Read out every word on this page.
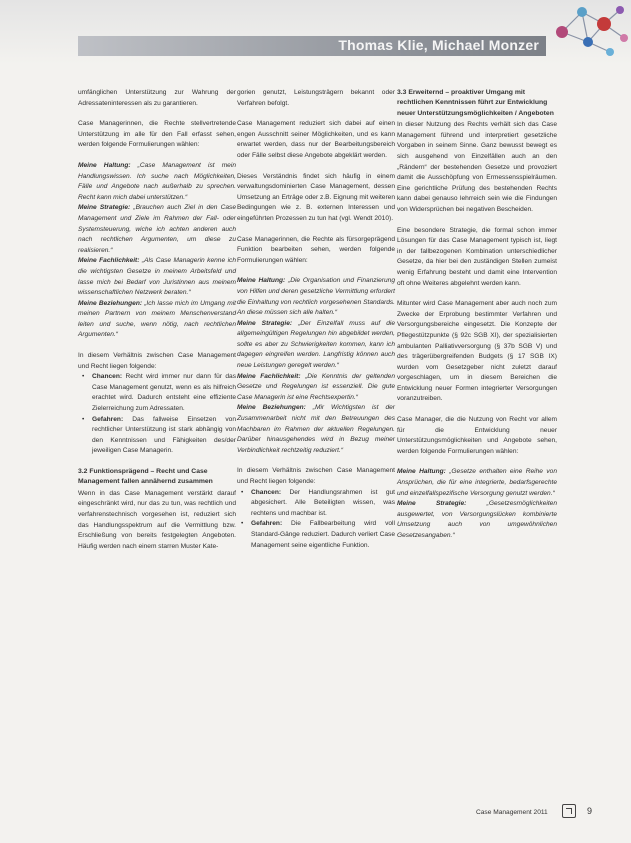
Thomas Klie, Michael Monzer

umfänglichen Unterstützung zur Wahrung der Adressateninteressen als zu garantieren.

Case Managerinnen, die Rechte stellvertretende Unterstützung im alle für den Fall erfasst sehen, werden folgende Formulierungen wählen:

Meine Haltung: „Case Management ist mein Handlungswissen. Ich suche nach Möglichkeiten, Fälle und Angebote nach außerhalb zu sprechen. Recht kann mich dabei unterstützen.“

Meine Strategie: „Brauchen auch Ziel in den Case Management und Ziele im Rahmen der Fall- oder Systemsteuerung, wiche ich achten anderen auch nach rechtlichen Argumenten, um diese zu realisieren.“

Meine Fachlichkeit: „Als Case Managerin kenne ich die wichtigsten Gesetze in meinem Arbeitsfeld und lasse mich bei Bedarf von Juristinnen aus meinem wissenschaftlichen Netzwerk beraten.“

Meine Beziehungen: „Ich lasse mich im Umgang mit meinen Partnern von meinem Menschenverstand leiten und suche, wenn nötig, nach rechtlichen Argumenten.“

In diesem Verhältnis zwischen Case Management und Recht liegen folgende:

• Chancen: Recht wird immer nur dann für das Case Management genutzt, wenn es als hilfreich erachtet wird. Dadurch entsteht eine effiziente Zielerreichung zum Adressaten.
• Gefahren: Das fallweise Einsetzen von rechtlicher Unterstützung ist stark abhängig von den Kenntnissen und Fähigkeiten des/der jeweiligen Case Managerin.
3.2 Funktionsprägend – Recht und Case Management fallen annähernd zusammen

Wenn in das Case Management verstärkt darauf eingeschränkt wird, nur das zu tun, was rechtlich und verfahrenstechnisch vorgesehen ist, reduziert sich das Handlungsspektrum auf die Vermittlung bzw. Erschließung von bereits festgelegten Angeboten. Häufig werden nach einem starren Muster Kate-

gorien genutzt, Leistungsträgern bekannt oder Verfahren befolgt.

Case Management reduziert sich dabei auf einen engen Ausschnitt seiner Möglichkeiten, und es kann erwartet werden, dass nur der Bearbeitungsbereich oder Fälle selbst diese Angebote abgeklärt werden.

Dieses Verständnis findet sich häufig in einem verwaltungsdominierten Case Management, dessen Umsetzung an Erträge oder z.B. Eignung mit weiteren Bedingungen wie z. B. externen Interessen und eingeführten Prozessen zu tun hat (vgl. Wendt 2010).

Case Managerinnen, die Rechte als fürsorgeprägend Funktion bearbeiten sehen, werden folgende Formulierungen wählen:

Meine Haltung: „Die Organisation und Finanzierung von Hilfen und deren gesetzliche Vermittlung erfordert die Einhaltung von rechtlich vorgesehenen Standards. An diese müssen sich alle halten.“

Meine Strategie: „Der Einzelfall muss auf die allgemeingültigen Regelungen hin abgebildet werden, sollte es aber zu Schwierigkeiten kommen, kann ich dagegen eingreifen werden. Langfristig können auch neue Leistungen geregelt werden.“

Meine Fachlichkeit: „Die Kenntnis der geltenden Gesetze und Regelungen ist essenziell. Die gute Case Managerin ist eine Rechtsexpertin.“

Meine Beziehungen: „Mir Wichtigsten ist der Zusammenarbeit nicht mit den Betreuungen des Machbaren im Rahmen der aktuellen Regelungen. Darüber hinausgehendes wird in Bezug meiner Verbindlichkeit rechtzeitig reduziert.“

In diesem Verhältnis zwischen Case Management und Recht liegen folgende:

• Chancen: Der Handlungsrahmen ist gut abgesichert. Alle Beteiligten wissen, was rechtens und machbar ist.
• Gefahren: Die Fallbearbeitung wird voll Standard-Gänge reduziert. Dadurch verliert Case Management seine eigentliche Funktion.
3.3 Erweiternd – proaktiver Umgang mit rechtlichen Kenntnissen führt zur Entwicklung neuer Unterstützungsmöglichkeiten / Angeboten

In dieser Nutzung des Rechts verhält sich das Case Management führend und interpretiert gesetzliche Vorgaben in seinem Sinne. Ganz bewusst bewegt es sich ausgehend von Einzelfällen auch an den „Rändern“ der bestehenden Gesetze und provoziert damit die Ausschöpfung von Ermessensspielräumen. Eine gerichtliche Prüfung des bestehenden Rechts kann dabei genauso lehrreich sein wie die Findungen von Widersprüchen bei negativen Bescheiden.

Eine besondere Strategie, die formal schon immer Lösungen für das Case Management typisch ist, liegt in der fallbezogenen Kombination unterschiedlicher Gesetze, da hier bei den zuständigen Stellen zumeist wenig Erfahrung besteht und damit eine Intervention oft ohne Weiteres abgelehnt werden kann.

Mitunter wird Case Management aber auch noch zum Zwecke der Erprobung bestimmter Verfahren und Versorgungsbereiche eingesetzt. Die Konzepte der Pflegestützpunkte (§ 92c SGB XI), der spezialisierten ambulanten Palliativversorgung (§ 37b SGB V) und des trägerübergreifenden Budgets (§ 17 SGB IX) wurden vom Gesetzgeber nicht zuletzt darauf vorgeschlagen, um in diesem Bereichen die Entwicklung neuer Formen integrierter Versorgungen voranzutreiben.

Case Manager, die die Nutzung von Recht vor allem für die Entwicklung neuer Unterstützungsmöglichkeiten und Angebote sehen, werden folgende Formulierungen wählen:

Meine Haltung: „Gesetze enthalten eine Reihe von Ansprüchen, die für eine integrierte, bedarfsgerechte und einzelfallspezifische Versorgung genutzt werden.“

Meine Strategie: „Gesetzesmöglichkeiten ausgewertet, von Versorgungslücken kombinierte Umsetzung auch von umgewöhnlichen Gesetzesangaben.“

Case Management 2011	9
